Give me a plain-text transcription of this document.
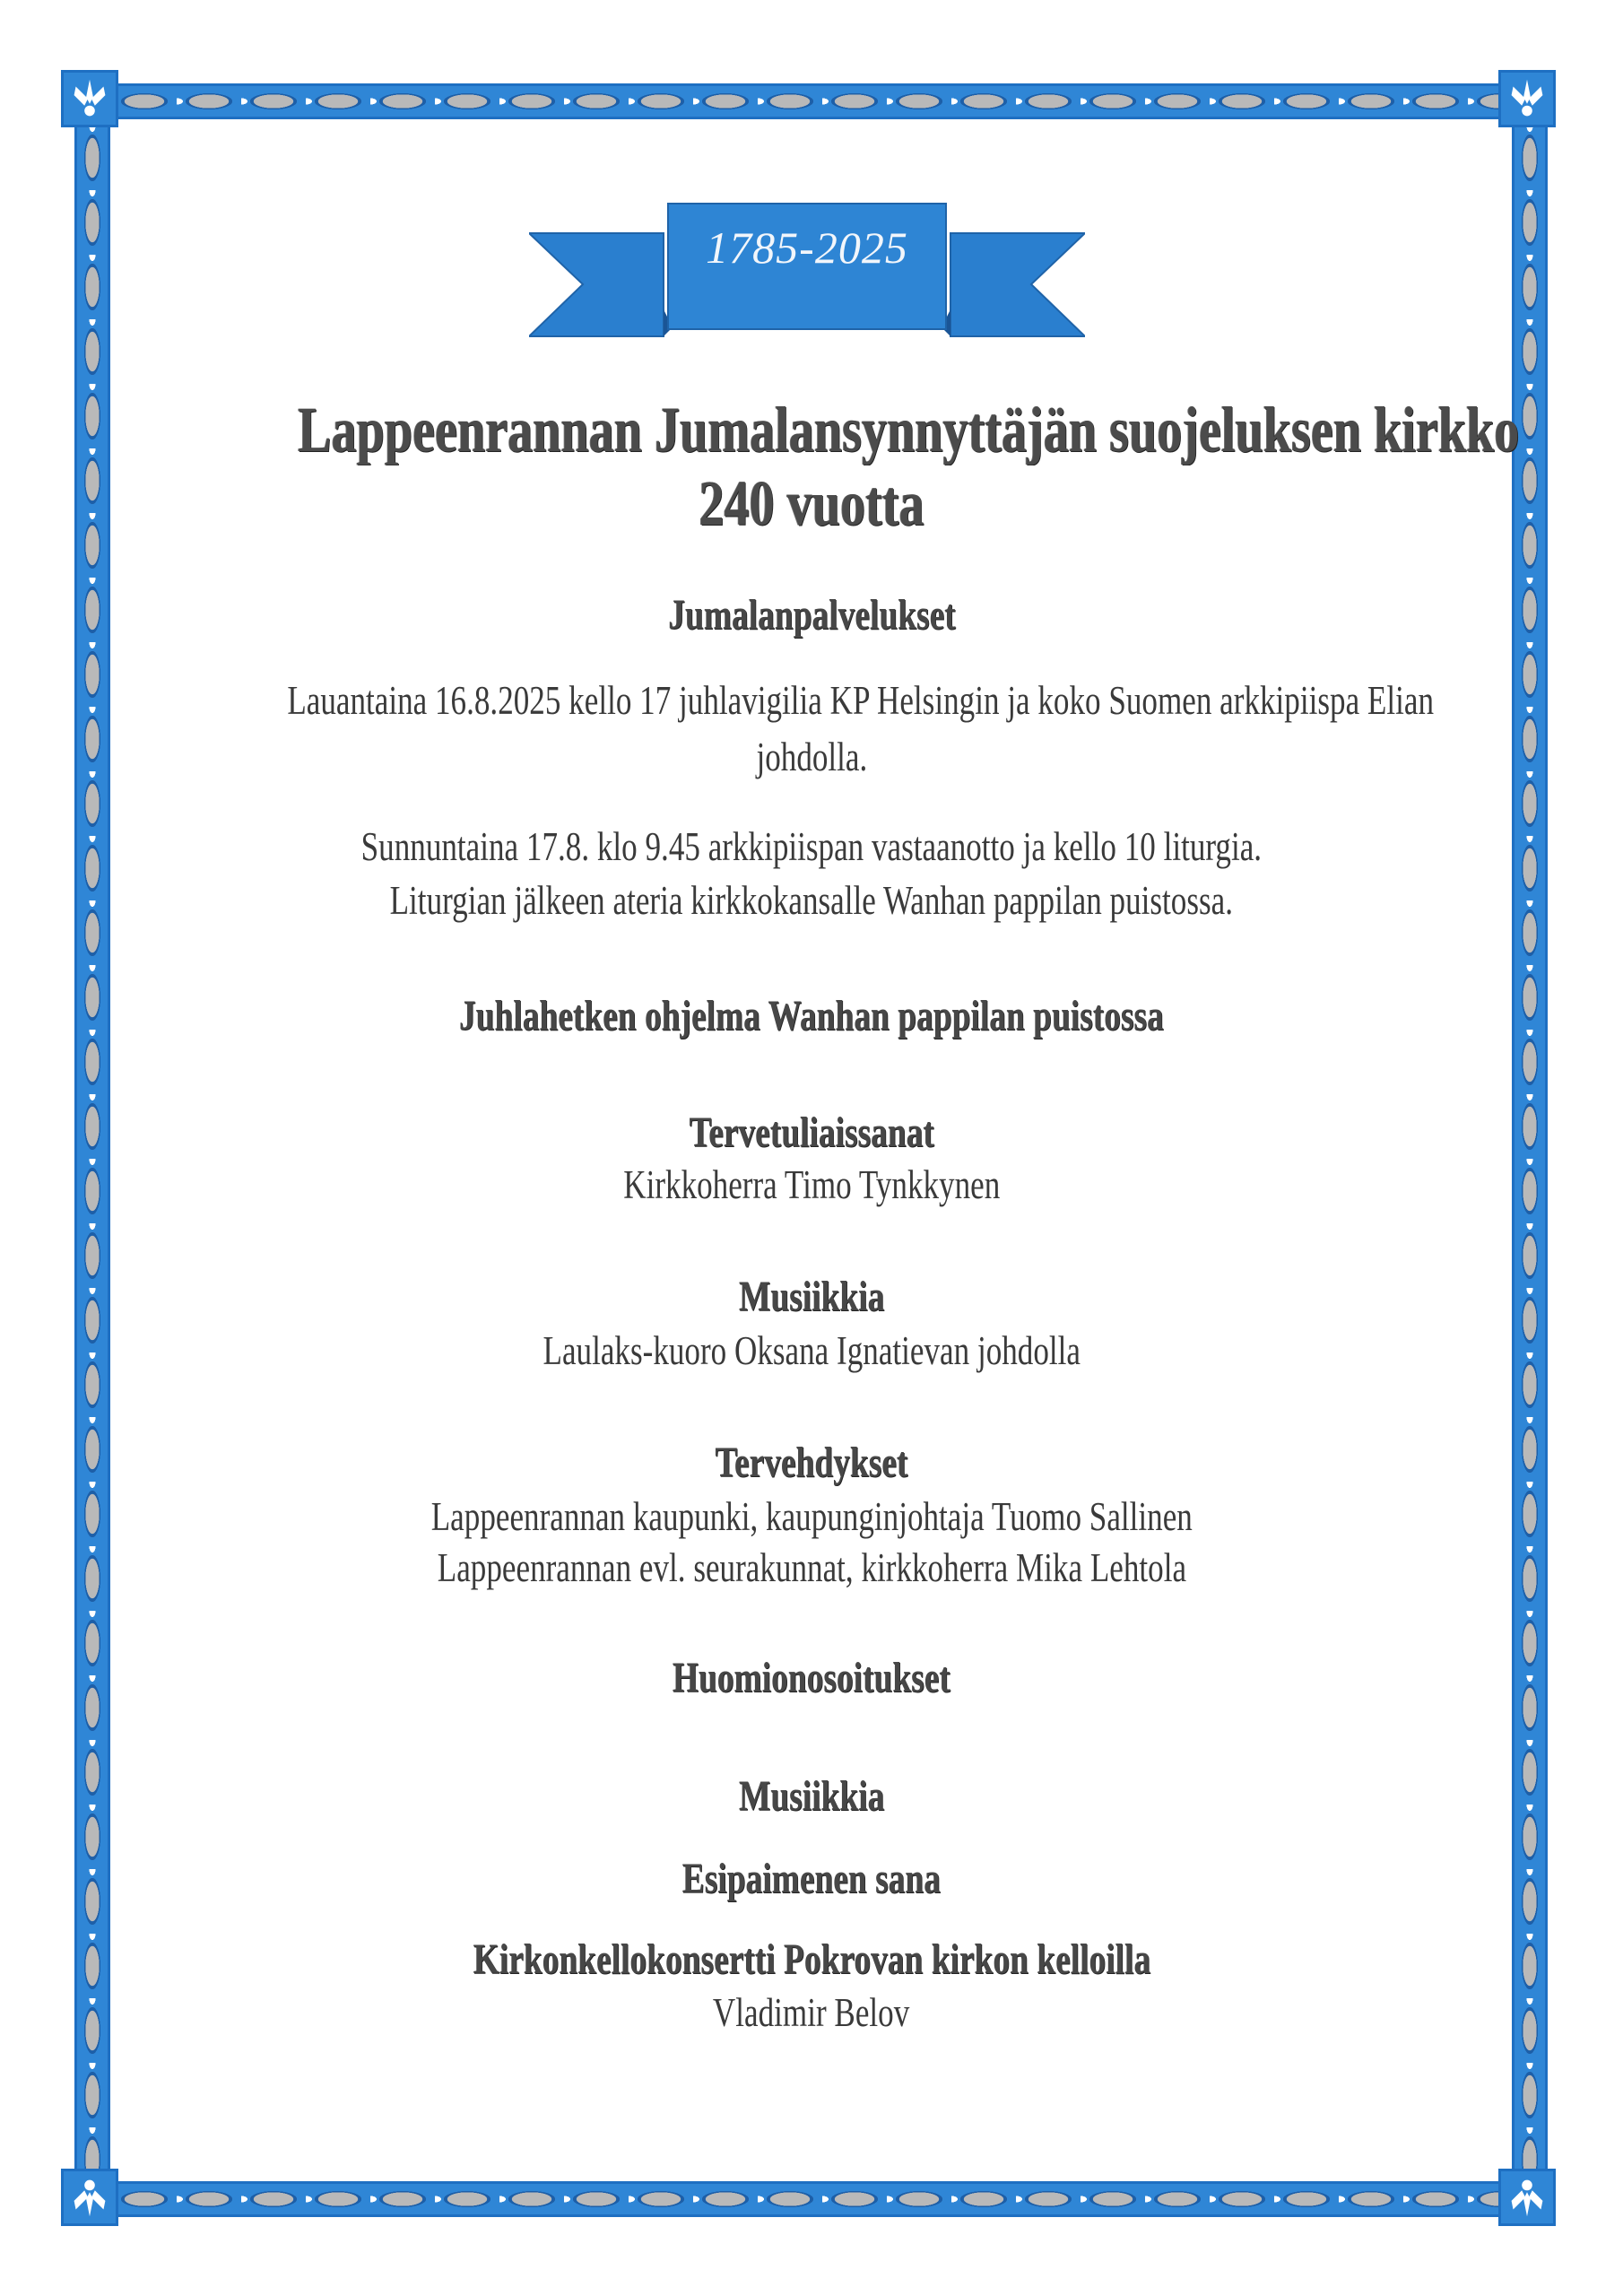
1785-2025
Lappeenrannan Jumalansynnyttäjän suojeluksen kirkko
240 vuotta
Jumalanpalvelukset
Lauantaina 16.8.2025 kello 17 juhlavigilia KP Helsingin ja koko Suomen arkkipiispa Elian
johdolla.
Sunnuntaina 17.8. klo 9.45 arkkipiispan vastaanotto ja kello 10 liturgia.
Liturgian jälkeen ateria kirkkokansalle Wanhan pappilan puistossa.
Juhlahetken ohjelma Wanhan pappilan puistossa
Tervetuliaissanat
Kirkkoherra Timo Tynkkynen
Musiikkia
Laulaks-kuoro Oksana Ignatievan johdolla
Tervehdykset
Lappeenrannan kaupunki, kaupunginjohtaja Tuomo Sallinen
Lappeenrannan evl. seurakunnat, kirkkoherra Mika Lehtola
Huomionosoitukset
Musiikkia
Esipaimenen sana
Kirkonkellokonsertti Pokrovan kirkon kelloilla
Vladimir Belov
